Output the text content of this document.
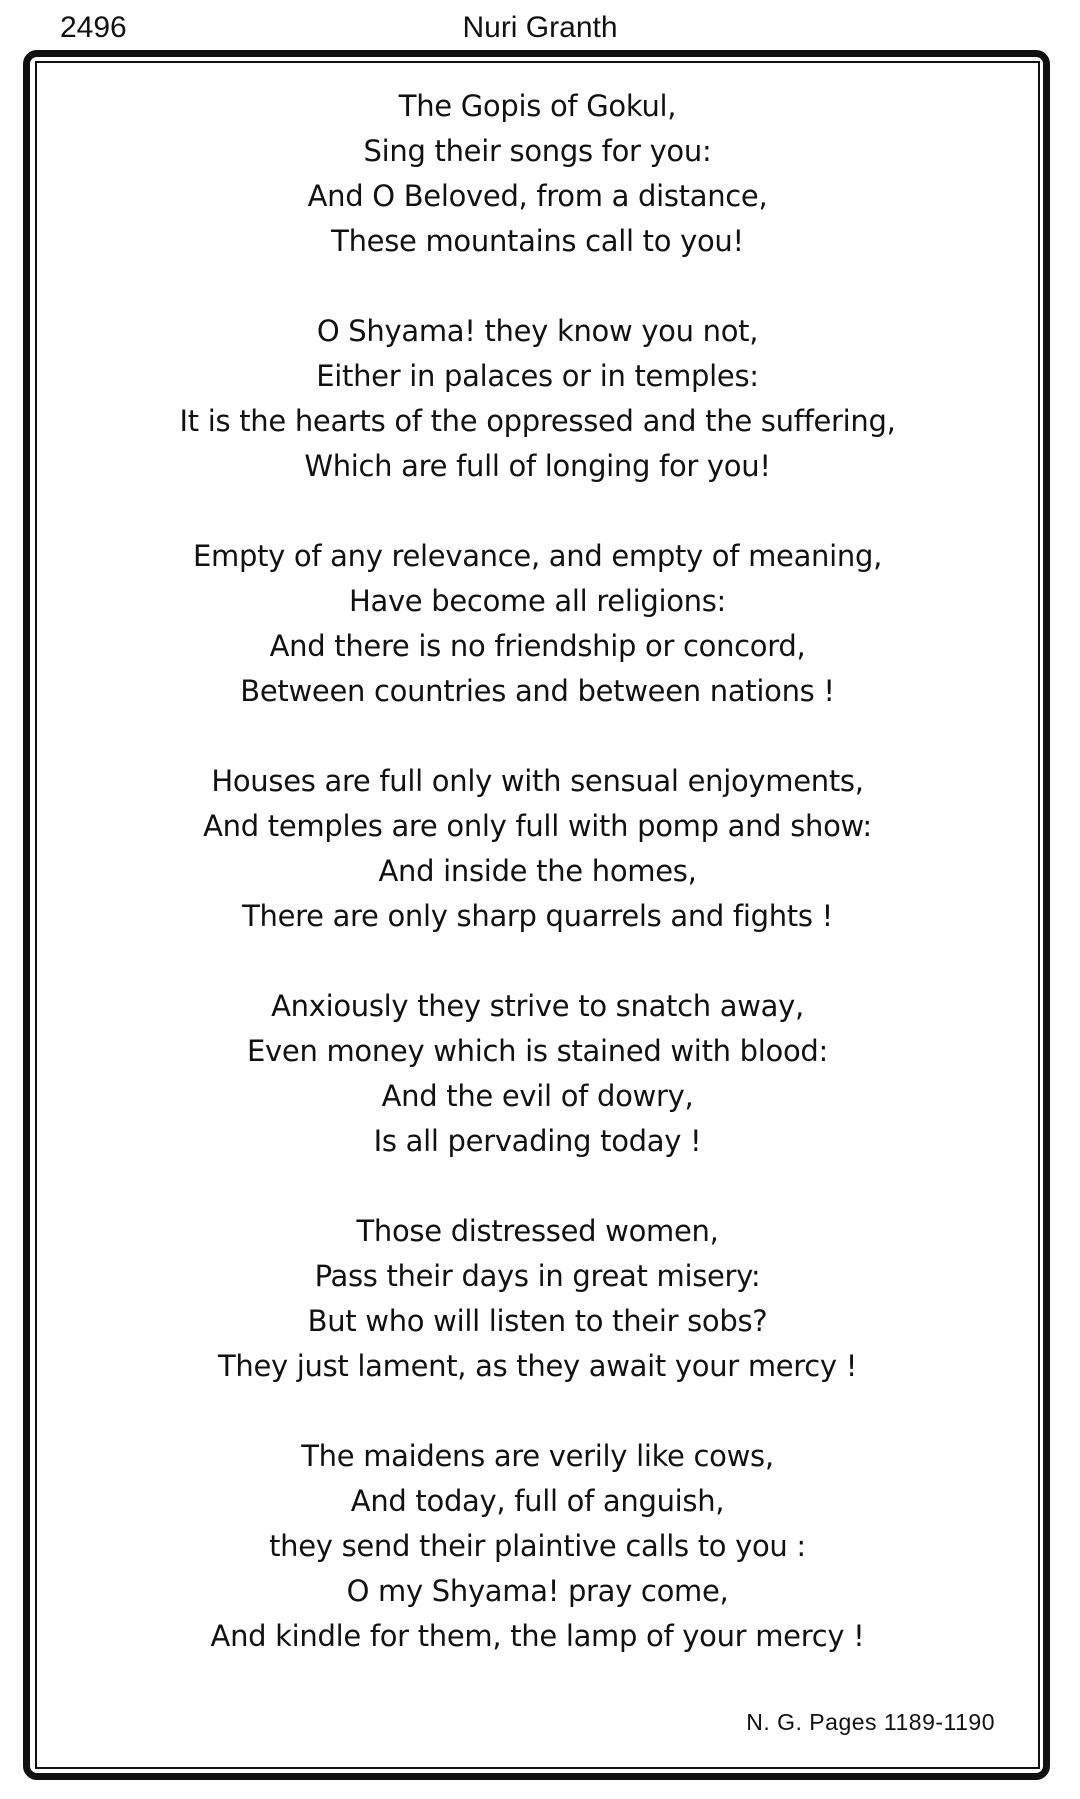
2496	Nuri Granth
The Gopis of Gokul,
Sing their songs for you:
And O Beloved, from a distance,
These mountains call to you!
O Shyama! they know you not,
Either in palaces or in temples:
It is the hearts of the oppressed and the suffering,
Which are full of longing for you!
Empty of any relevance, and empty of meaning,
Have become all religions:
And there is no friendship or concord,
Between countries and between nations !
Houses are full only with sensual enjoyments,
And temples are only full with pomp and show:
And inside the homes,
There are only sharp quarrels and fights !
Anxiously they strive to snatch away,
Even money which is stained with blood:
And the evil of dowry,
Is all pervading today !
Those distressed women,
Pass their days in great misery:
But who will listen to their sobs?
They just lament, as they await your mercy !
The maidens are verily like cows,
And today, full of anguish,
they send their plaintive calls to you :
O my Shyama! pray come,
And kindle for them, the lamp of your mercy !
N. G. Pages 1189-1190
